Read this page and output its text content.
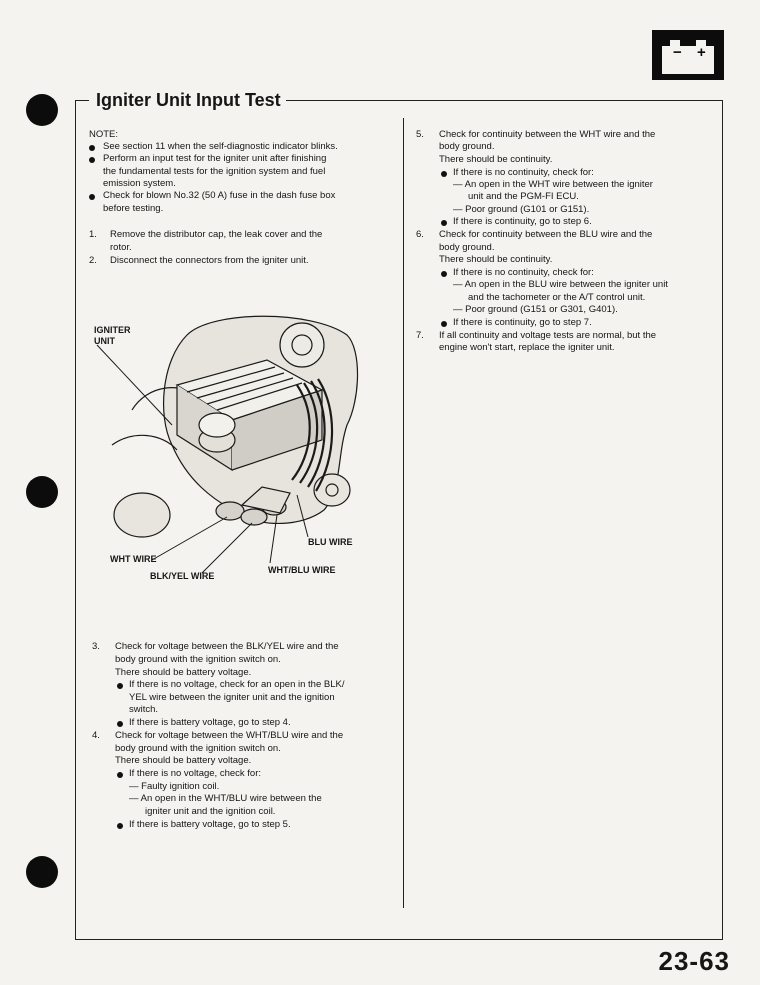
− +
Igniter Unit Input Test
NOTE:
See section 11 when the self-diagnostic indicator blinks.
Perform an input test for the igniter unit after finishing
the fundamental tests for the ignition system and fuel
emission system.
Check for blown No.32 (50 A) fuse in the dash fuse box
before testing.
1. Remove the distributor cap, the leak cover and the
rotor.
2. Disconnect the connectors from the igniter unit.
IGNITER
UNIT
BLU WIRE
WHT WIRE
WHT/BLU WIRE
BLK/YEL WIRE
3. Check for voltage between the BLK/YEL wire and the
body ground with the ignition switch on.
There should be battery voltage.
If there is no voltage, check for an open in the BLK/
YEL wire between the igniter unit and the ignition
switch.
If there is battery voltage, go to step 4.
4. Check for voltage between the WHT/BLU wire and the
body ground with the ignition switch on.
There should be battery voltage.
If there is no voltage, check for:
— Faulty ignition coil.
— An open in the WHT/BLU wire between the
igniter unit and the ignition coil.
If there is battery voltage, go to step 5.
5. Check for continuity between the WHT wire and the
body ground.
There should be continuity.
If there is no continuity, check for:
— An open in the WHT wire between the igniter
unit and the PGM-FI ECU.
— Poor ground (G101 or G151).
If there is continuity, go to step 6.
6. Check for continuity between the BLU wire and the
body ground.
There should be continuity.
If there is no continuity, check for:
— An open in the BLU wire between the igniter unit
and the tachometer or the A/T control unit.
— Poor ground (G151 or G301, G401).
If there is continuity, go to step 7.
7. If all continuity and voltage tests are normal, but the
engine won't start, replace the igniter unit.
23-63
